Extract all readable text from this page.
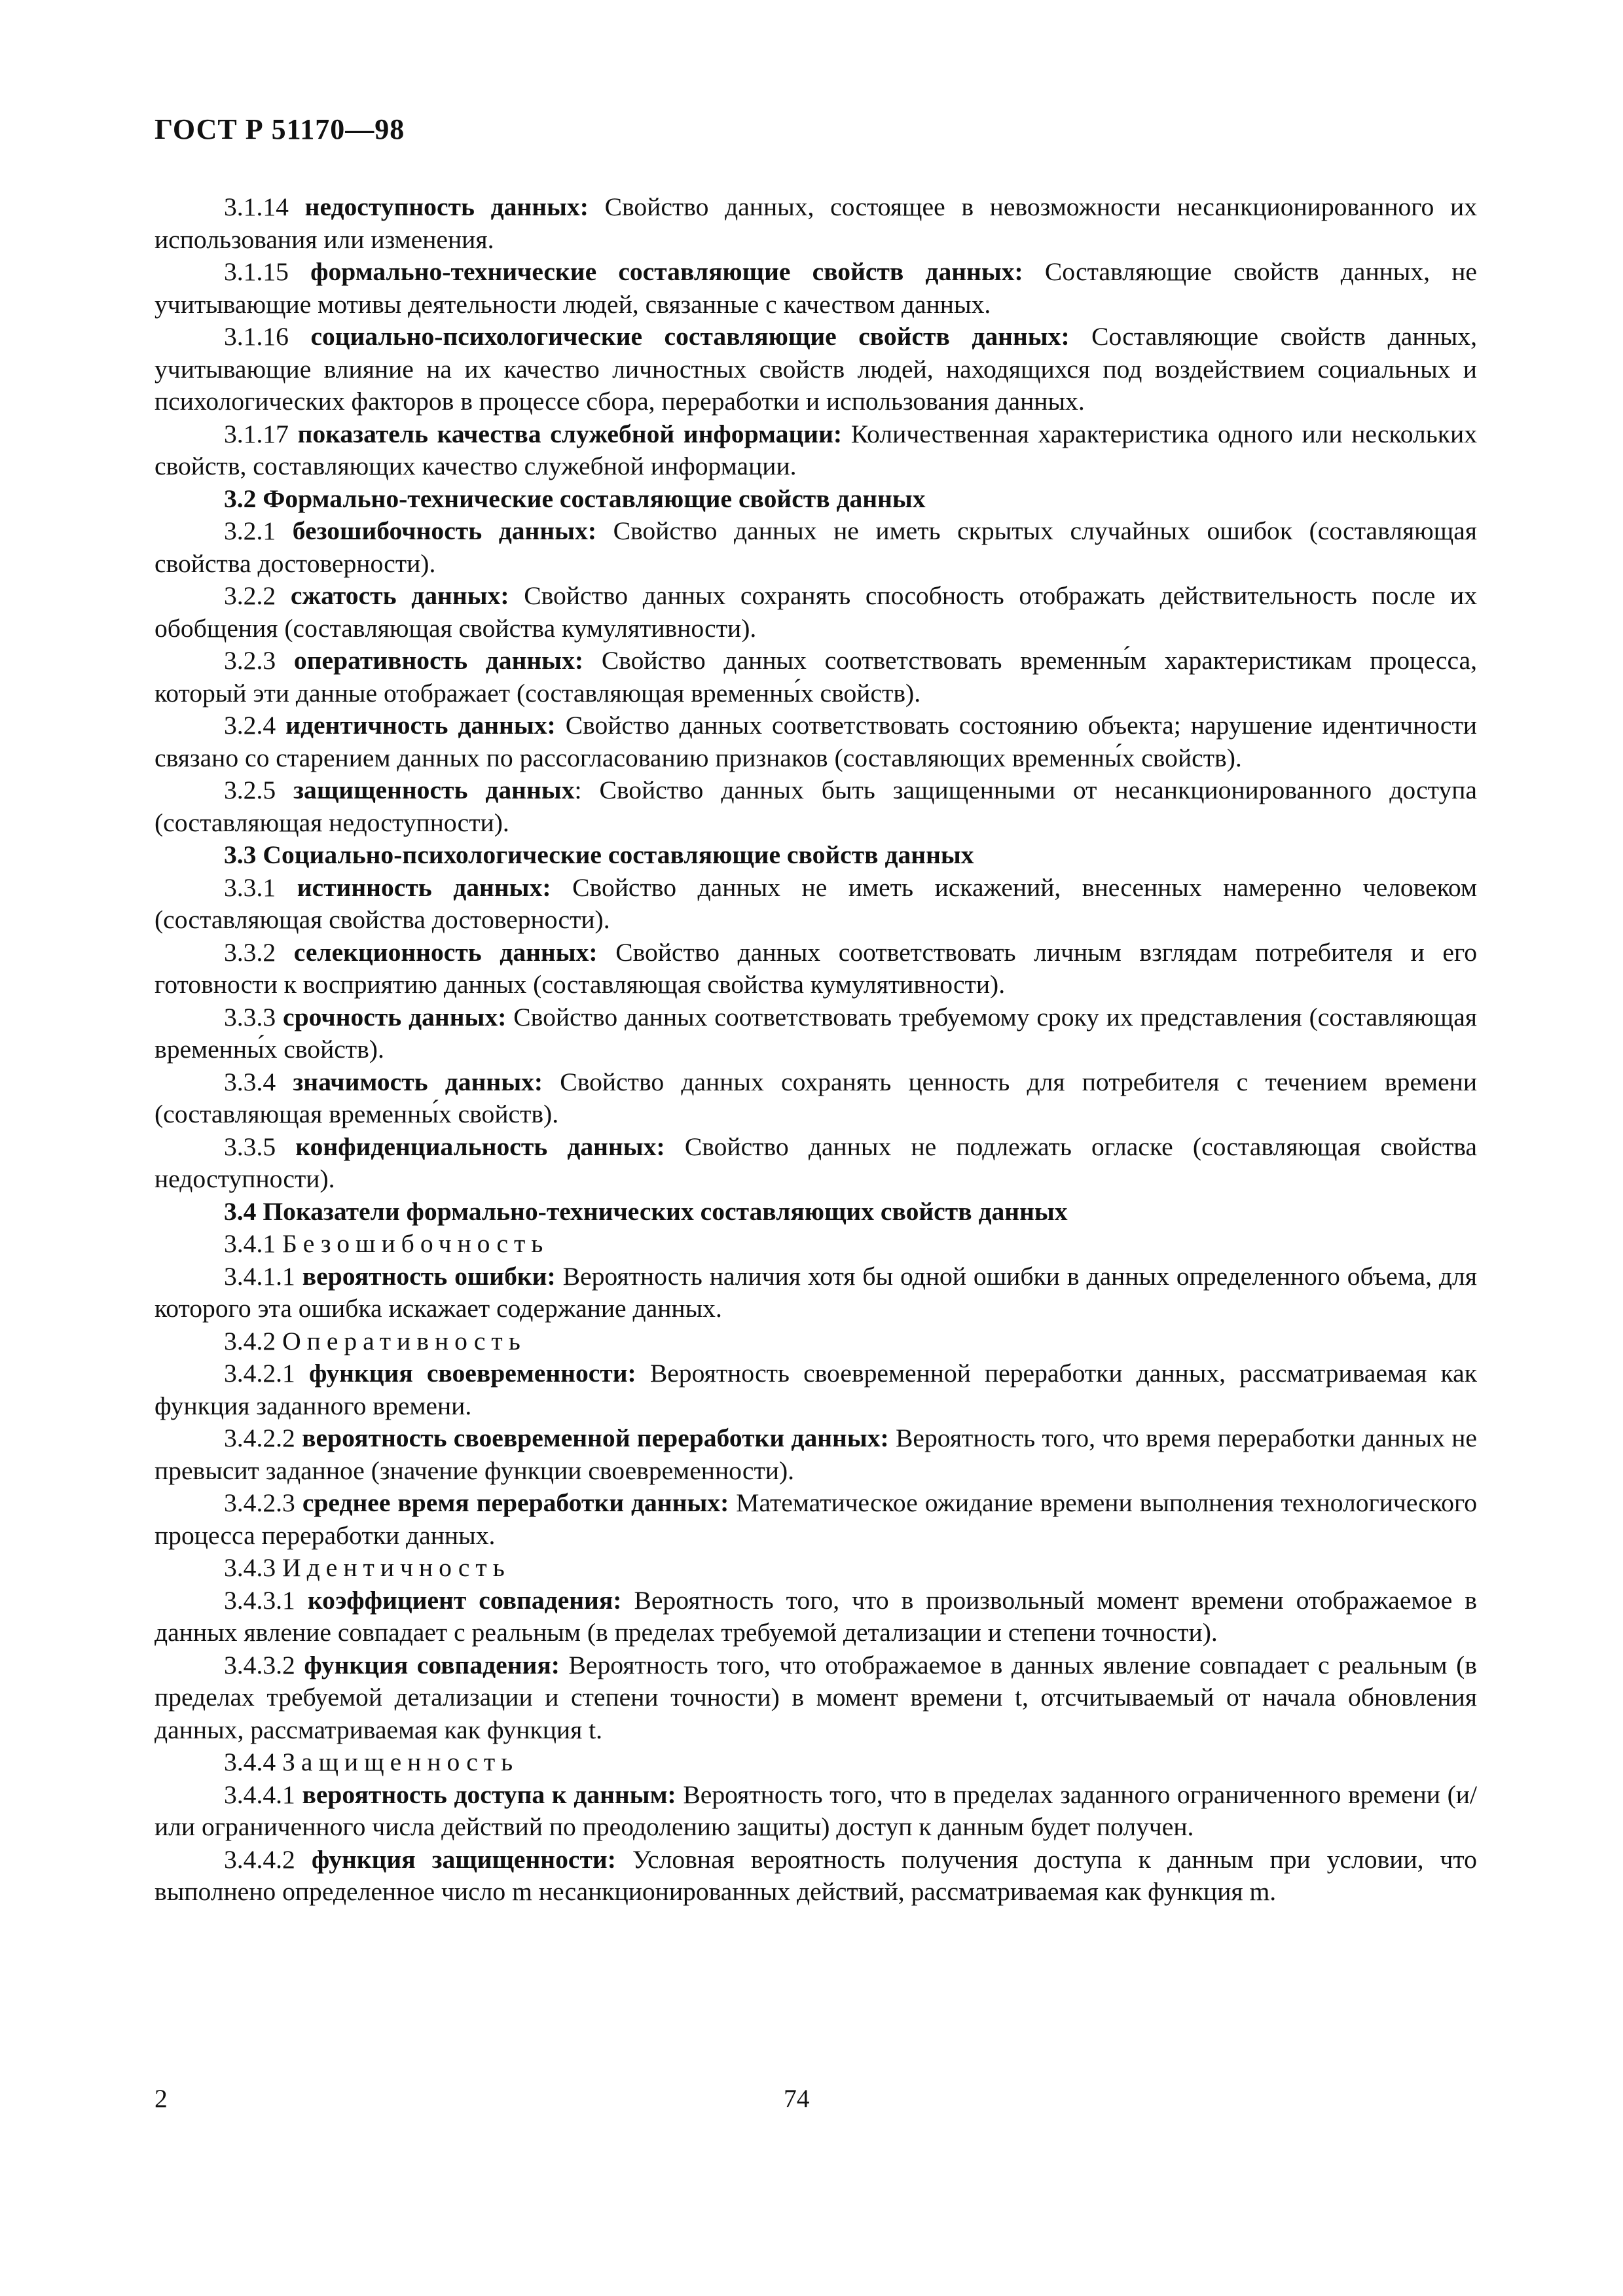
ГОСТ Р 51170—98

3.1.14 недоступность данных: Свойство данных, состоящее в невозможности несанкционированного их использования или изменения.

3.1.15 формально-технические составляющие свойств данных: Составляющие свойств данных, не учитывающие мотивы деятельности людей, связанные с качеством данных.

3.1.16 социально-психологические составляющие свойств данных: Составляющие свойств данных, учитывающие влияние на их качество личностных свойств людей, находящихся под воздействием социальных и психологических факторов в процессе сбора, переработки и использования данных.

3.1.17 показатель качества служебной информации: Количественная характеристика одного или нескольких свойств, составляющих качество служебной информации.

3.2 Формально-технические составляющие свойств данных

3.2.1 безошибочность данных: Свойство данных не иметь скрытых случайных ошибок (составляющая свойства достоверности).

3.2.2 сжатость данных: Свойство данных сохранять способность отображать действительность после их обобщения (составляющая свойства кумулятивности).

3.2.3 оперативность данных: Свойство данных соответствовать временны́м характеристикам процесса, который эти данные отображает (составляющая временны́х свойств).

3.2.4 идентичность данных: Свойство данных соответствовать состоянию объекта; нарушение идентичности связано со старением данных по рассогласованию признаков (составляющих временны́х свойств).

3.2.5 защищенность данных: Свойство данных быть защищенными от несанкционированного доступа (составляющая недоступности).

3.3 Социально-психологические составляющие свойств данных

3.3.1 истинность данных: Свойство данных не иметь искажений, внесенных намеренно человеком (составляющая свойства достоверности).

3.3.2 селекционность данных: Свойство данных соответствовать личным взглядам потребителя и его готовности к восприятию данных (составляющая свойства кумулятивности).

3.3.3 срочность данных: Свойство данных соответствовать требуемому сроку их представления (составляющая временны́х свойств).

3.3.4 значимость данных: Свойство данных сохранять ценность для потребителя с течением времени (составляющая временны́х свойств).

3.3.5 конфиденциальность данных: Свойство данных не подлежать огласке (составляющая свойства недоступности).

3.4 Показатели формально-технических составляющих свойств данных

3.4.1 Безошибочность

3.4.1.1 вероятность ошибки: Вероятность наличия хотя бы одной ошибки в данных определенного объема, для которого эта ошибка искажает содержание данных.

3.4.2 Оперативность

3.4.2.1 функция своевременности: Вероятность своевременной переработки данных, рассматриваемая как функция заданного времени.

3.4.2.2 вероятность своевременной переработки данных: Вероятность того, что время переработки данных не превысит заданное (значение функции своевременности).

3.4.2.3 среднее время переработки данных: Математическое ожидание времени выполнения технологического процесса переработки данных.

3.4.3 Идентичность

3.4.3.1 коэффициент совпадения: Вероятность того, что в произвольный момент времени отображаемое в данных явление совпадает с реальным (в пределах требуемой детализации и степени точности).

3.4.3.2 функция совпадения: Вероятность того, что отображаемое в данных явление совпадает с реальным (в пределах требуемой детализации и степени точности) в момент времени t, отсчитываемый от начала обновления данных, рассматриваемая как функция t.

3.4.4 Защищенность

3.4.4.1 вероятность доступа к данным: Вероятность того, что в пределах заданного ограниченного времени (и/или ограниченного числа действий по преодолению защиты) доступ к данным будет получен.

3.4.4.2 функция защищенности: Условная вероятность получения доступа к данным при условии, что выполнено определенное число m несанкционированных действий, рассматриваемая как функция m.

2	74
